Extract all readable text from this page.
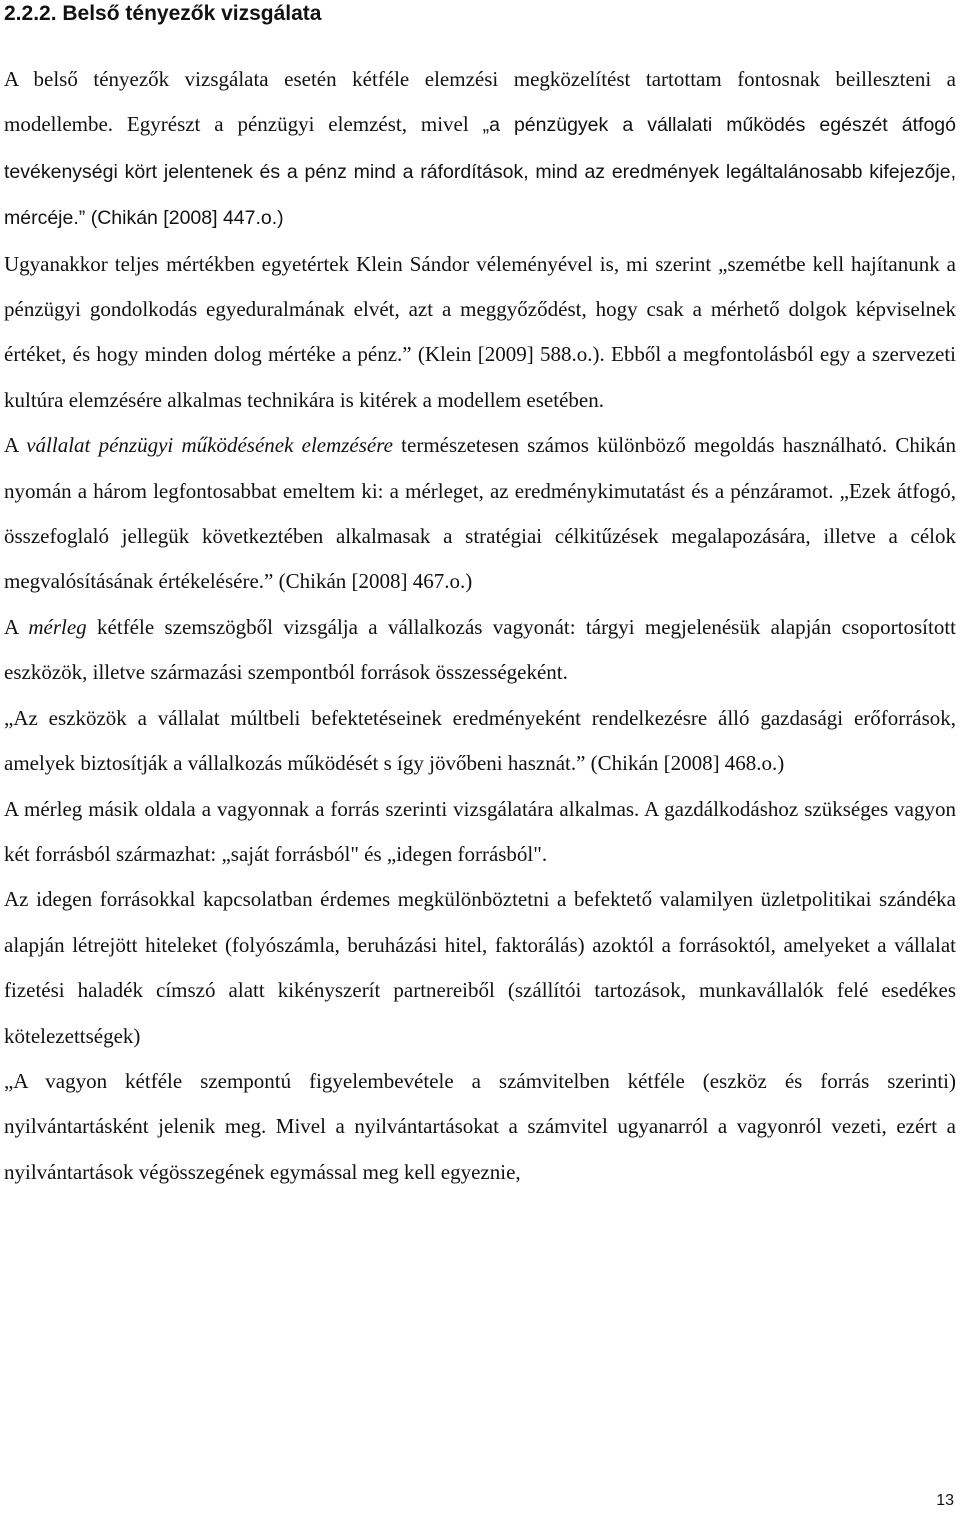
2.2.2. Belső tényezők vizsgálata

A belső tényezők vizsgálata esetén kétféle elemzési megközelítést tartottam fontosnak beilleszteni a modellembe. Egyrészt a pénzügyi elemzést, mivel „a pénzügyek a vállalati működés egészét átfogó tevékenységi kört jelentenek és a pénz mind a ráfordítások, mind az eredmények legáltalánosabb kifejezője, mércéje.” (Chikán [2008] 447.o.)

Ugyanakkor teljes mértékben egyetértek Klein Sándor véleményével is, mi szerint „szemétbe kell hajítanunk a pénzügyi gondolkodás egyeduralmának elvét, azt a meggyőződést, hogy csak a mérhető dolgok képviselnek értéket, és hogy minden dolog mértéke a pénz.” (Klein [2009] 588.o.). Ebből a megfontolásból egy a szervezeti kultúra elemzésére alkalmas technikára is kitérek a modellem esetében.

A vállalat pénzügyi működésének elemzésére természetesen számos különböző megoldás használható. Chikán nyomán a három legfontosabbat emeltem ki: a mérleget, az eredménykimutatást és a pénzáramot. „Ezek átfogó, összefoglaló jellegük következtében alkalmasak a stratégiai célkitűzések megalapozására, illetve a célok megvalósításának értékelésére.” (Chikán [2008] 467.o.)

A mérleg kétféle szemszögből vizsgálja a vállalkozás vagyonát: tárgyi megjelenésük alapján csoportosított eszközök, illetve származási szempontból források összességeként.

„Az eszközök a vállalat múltbeli befektetéseinek eredményeként rendelkezésre álló gazdasági erőforrások, amelyek biztosítják a vállalkozás működését s így jövőbeni hasznát.” (Chikán [2008] 468.o.)

A mérleg másik oldala a vagyonnak a forrás szerinti vizsgálatára alkalmas. A gazdálkodáshoz szükséges vagyon két forrásból származhat: „saját forrásból" és „idegen forrásból".

Az idegen forrásokkal kapcsolatban érdemes megkülönböztetni a befektető valamilyen üzletpolitikai szándéka alapján létrejött hiteleket (folyószámla, beruházási hitel, faktorálás) azoktól a forrásoktól, amelyeket a vállalat fizetési haladék címszó alatt kikényszerít partnereiből (szállítói tartozások, munkavállalók felé esedékes kötelezettségek)

„A vagyon kétféle szempontú figyelembevétele a számvitelben kétféle (eszköz és forrás szerinti) nyilvántartásként jelenik meg. Mivel a nyilvántartásokat a számvitel ugyanarról a vagyonról vezeti, ezért a nyilvántartások végösszegének egymással meg kell egyeznie,

13
